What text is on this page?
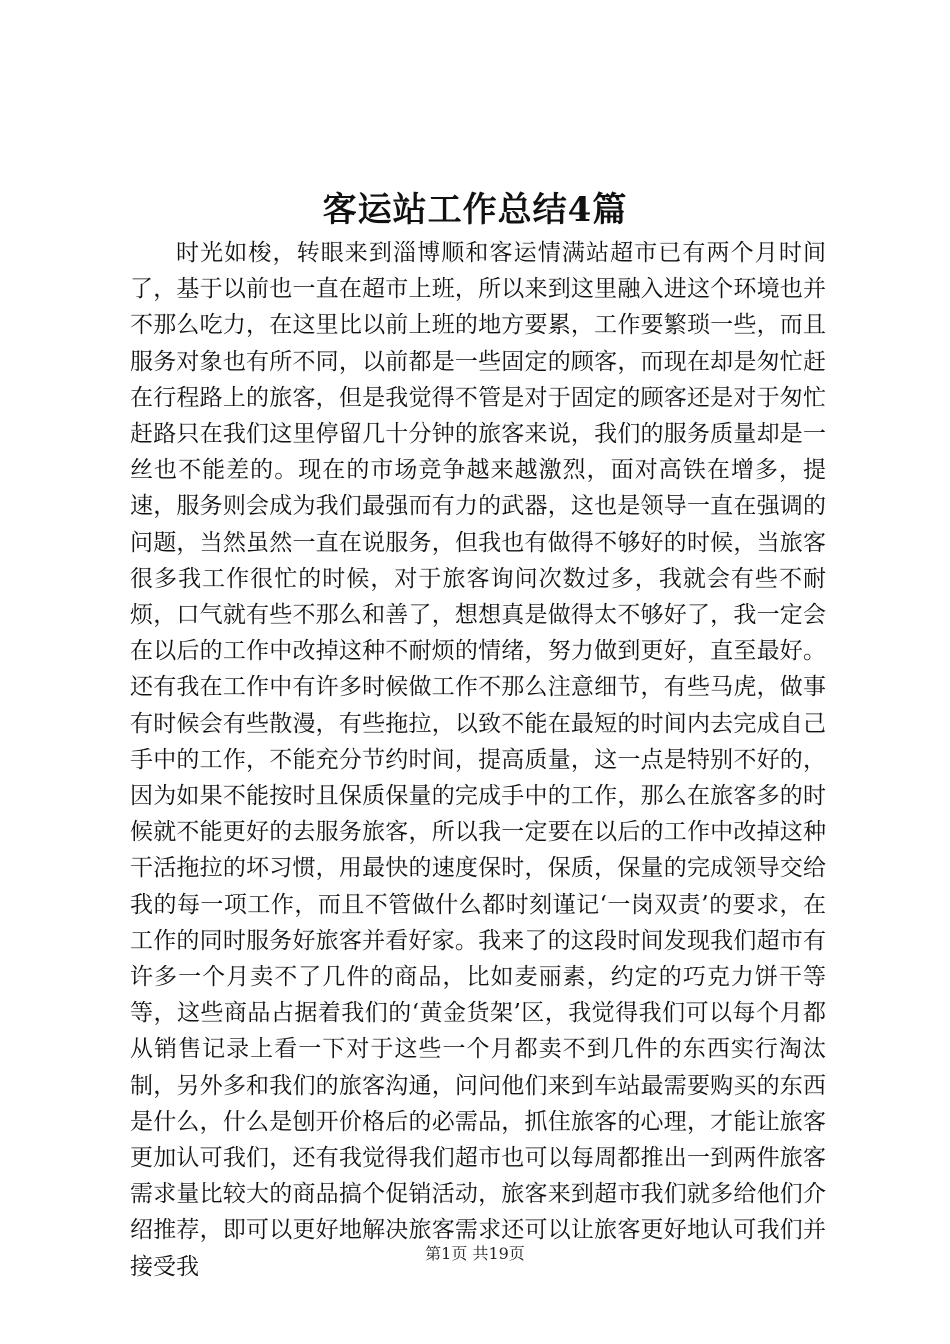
客运站工作总结4篇

时光如梭，转眼来到淄博顺和客运情满站超市已有两个月时间了，基于以前也一直在超市上班，所以来到这里融入进这个环境也并不那么吃力，在这里比以前上班的地方要累，工作要繁琐一些，而且服务对象也有所不同，以前都是一些固定的顾客，而现在却是匆忙赶在行程路上的旅客，但是我觉得不管是对于固定的顾客还是对于匆忙赶路只在我们这里停留几十分钟的旅客来说，我们的服务质量却是一丝也不能差的。现在的市场竞争越来越激烈，面对高铁在增多，提速，服务则会成为我们最强而有力的武器，这也是领导一直在强调的问题，当然虽然一直在说服务，但我也有做得不够好的时候，当旅客很多我工作很忙的时候，对于旅客询问次数过多，我就会有些不耐烦，口气就有些不那么和善了，想想真是做得太不够好了，我一定会在以后的工作中改掉这种不耐烦的情绪，努力做到更好，直至最好。还有我在工作中有许多时候做工作不那么注意细节，有些马虎，做事有时候会有些散漫，有些拖拉，以致不能在最短的时间内去完成自己手中的工作，不能充分节约时间，提高质量，这一点是特别不好的，因为如果不能按时且保质保量的完成手中的工作，那么在旅客多的时候就不能更好的去服务旅客，所以我一定要在以后的工作中改掉这种干活拖拉的坏习惯，用最快的速度保时，保质，保量的完成领导交给我的每一项工作，而且不管做什么都时刻谨记‘一岗双责’的要求，在工作的同时服务好旅客并看好家。我来了的这段时间发现我们超市有许多一个月卖不了几件的商品，比如麦丽素，约定的巧克力饼干等等，这些商品占据着我们的‘黄金货架’区，我觉得我们可以每个月都从销售记录上看一下对于这些一个月都卖不到几件的东西实行淘汰制，另外多和我们的旅客沟通，问问他们来到车站最需要购买的东西是什么，什么是刨开价格后的必需品，抓住旅客的心理，才能让旅客更加认可我们，还有我觉得我们超市也可以每周都推出一到两件旅客需求量比较大的商品搞个促销活动，旅客来到超市我们就多给他们介绍推荐，即可以更好地解决旅客需求还可以让旅客更好地认可我们并接受我

第1页 共19页
